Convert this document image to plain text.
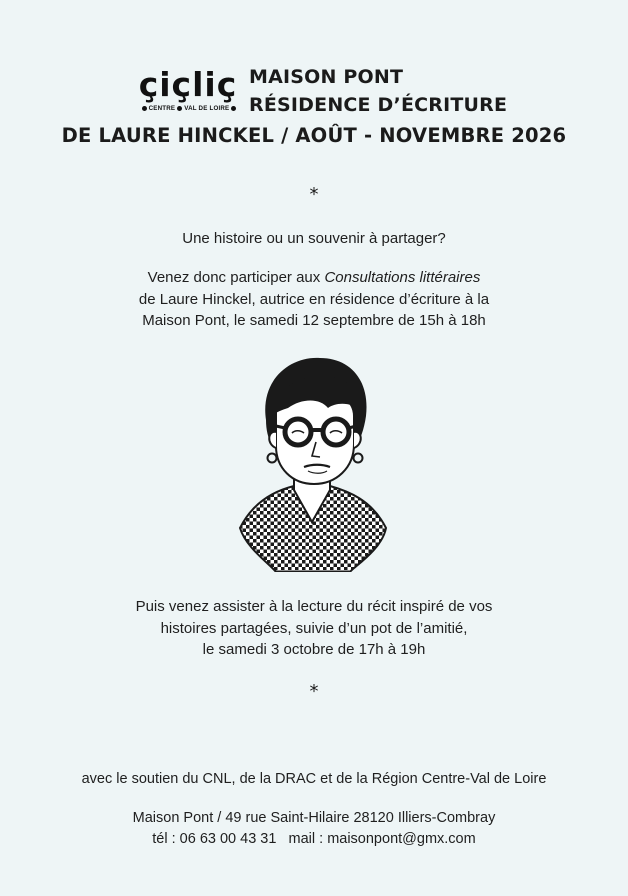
çiçliç
CENTRE VAL DE LOIRE
MAISON PONT
RÉSIDENCE D’ÉCRITURE
DE LAURE HINCKEL / AOÛT - NOVEMBRE 2026
*
Une histoire ou un souvenir à partager?
Venez donc participer aux Consultations littéraires
de Laure Hinckel, autrice en résidence d’écriture à la
Maison Pont, le samedi 12 septembre de 15h à 18h
Puis venez assister à la lecture du récit inspiré de vos
histoires partagées, suivie d’un pot de l’amitié,
le samedi 3 octobre de 17h à 19h
*
avec le soutien du CNL, de la DRAC et de la Région Centre-Val de Loire
Maison Pont / 49 rue Saint-Hilaire 28120 Illiers-Combray
tél : 06 63 00 43 31   mail : maisonpont@gmx.com
